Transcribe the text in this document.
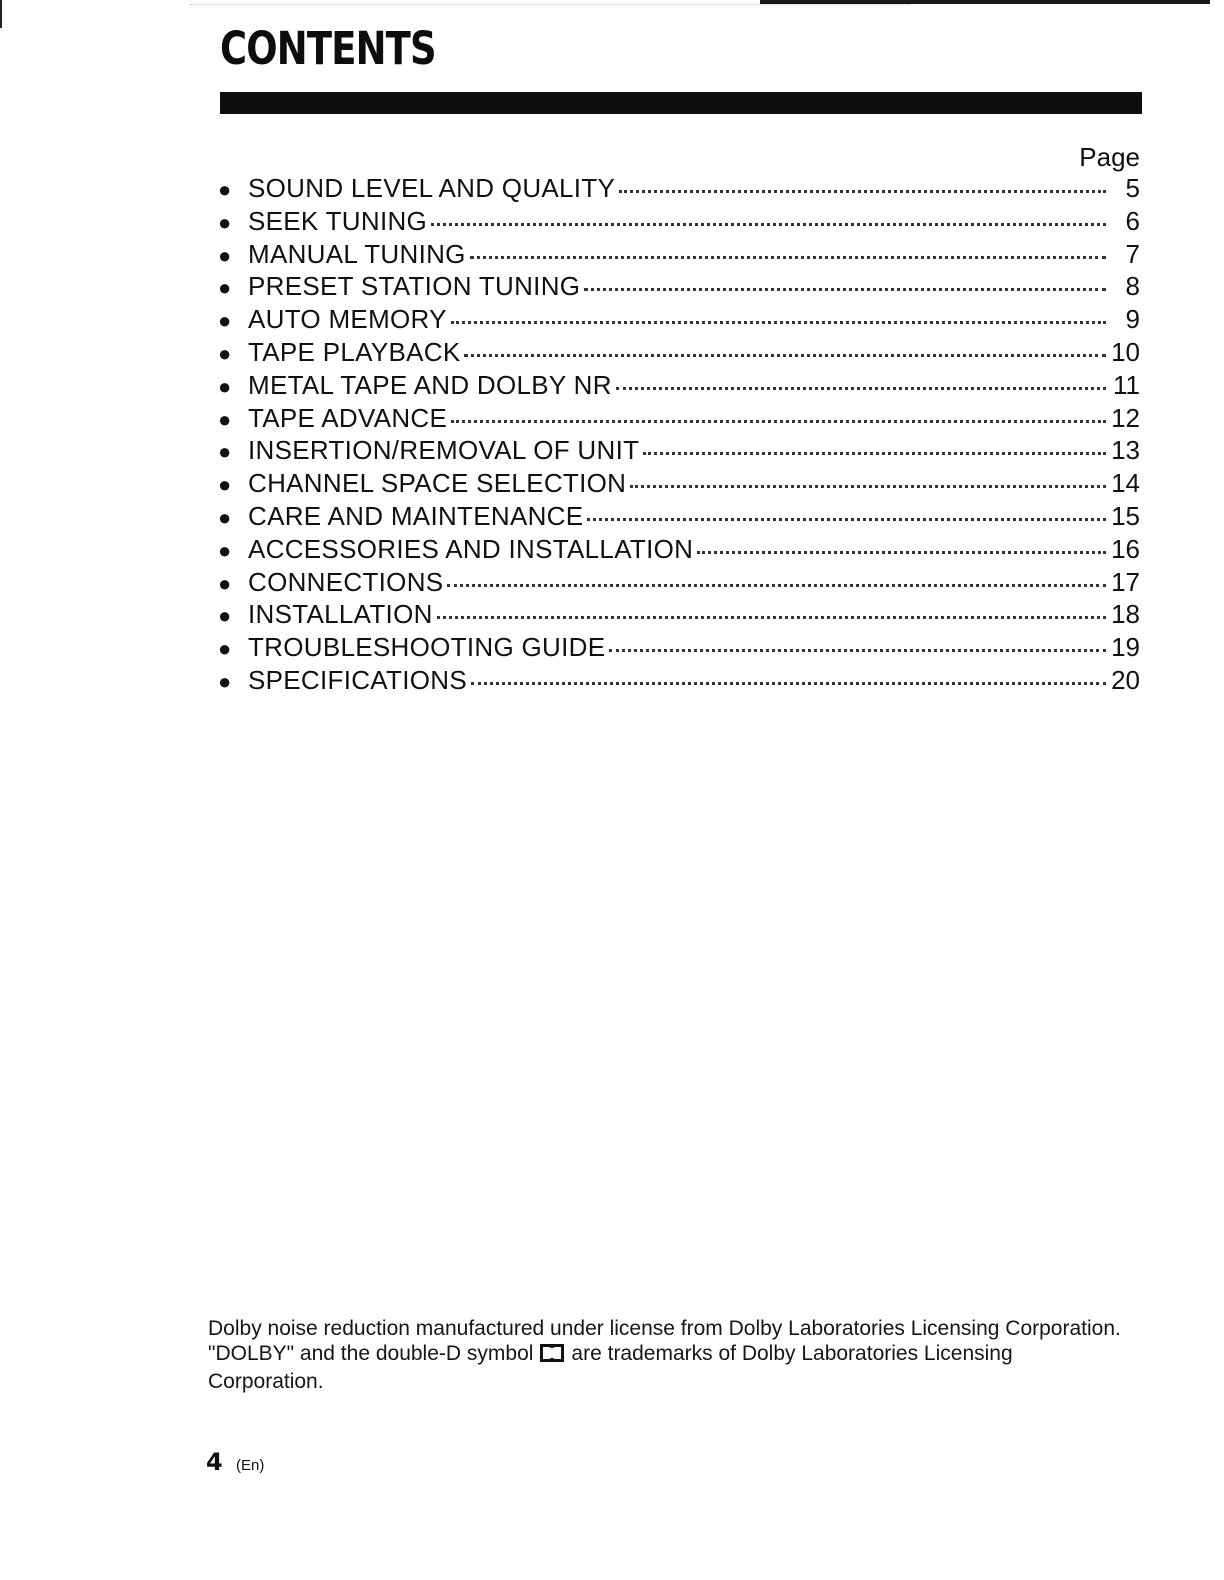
CONTENTS
Page
● SOUND LEVEL AND QUALITY	5
● SEEK TUNING	6
● MANUAL TUNING	7
● PRESET STATION TUNING	8
● AUTO MEMORY	9
● TAPE PLAYBACK	10
● METAL TAPE AND DOLBY NR	11
● TAPE ADVANCE	12
● INSERTION/REMOVAL OF UNIT	13
● CHANNEL SPACE SELECTION	14
● CARE AND MAINTENANCE	15
● ACCESSORIES AND INSTALLATION	16
● CONNECTIONS	17
● INSTALLATION	18
● TROUBLESHOOTING GUIDE	19
● SPECIFICATIONS	20

Dolby noise reduction manufactured under license from Dolby Laboratories Licensing Corporation.

"DOLBY" and the double-D symbol are trademarks of Dolby Laboratories Licensing Corporation.

4 (En)
